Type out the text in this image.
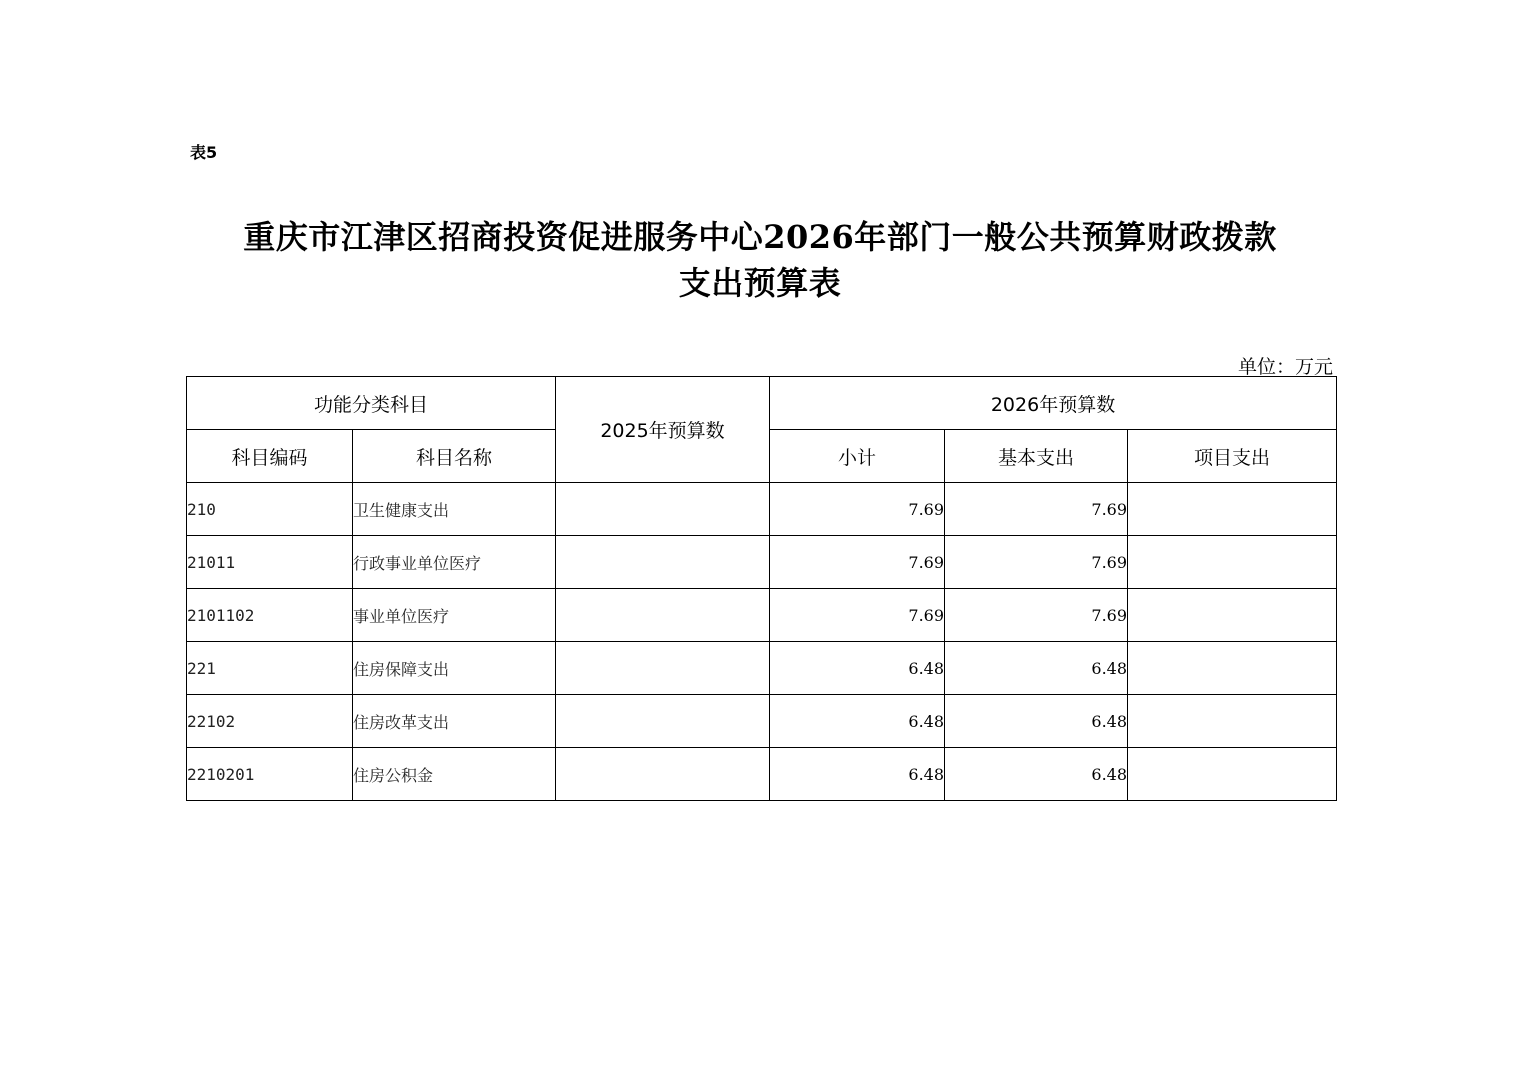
表5
重庆市江津区招商投资促进服务中心2026年部门一般公共预算财政拨款
支出预算表
单位：万元
功能分类科目		2025年预算数	2026年预算数		
科目编码	科目名称		小计	基本支出	项目支出
210	卫生健康支出		7.69	7.69	
21011	行政事业单位医疗		7.69	7.69	
2101102	事业单位医疗		7.69	7.69	
221	住房保障支出		6.48	6.48	
22102	住房改革支出		6.48	6.48	
2210201	住房公积金		6.48	6.48	
